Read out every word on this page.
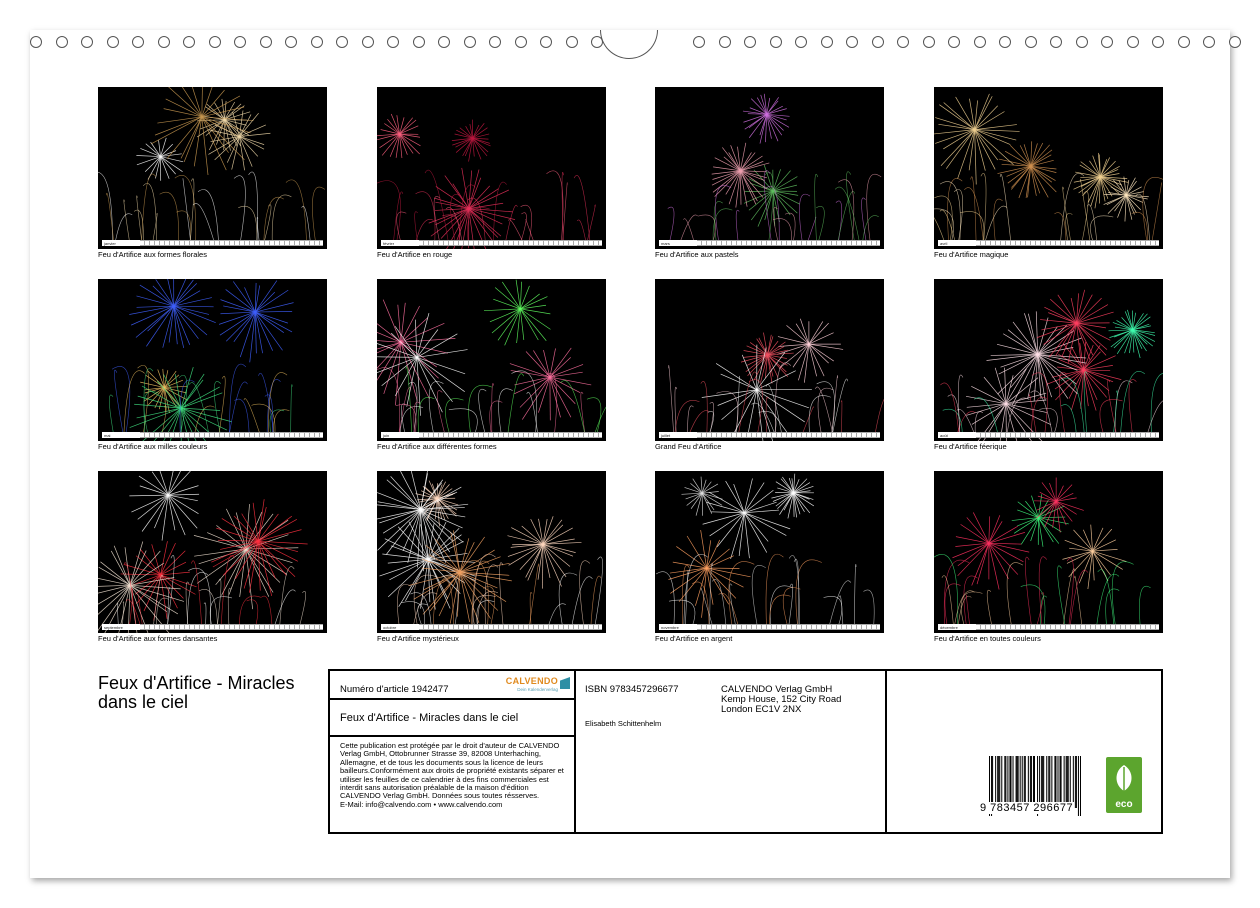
janvier
Feu d'Artifice aux formes florales
février
Feu d'Artifice en rouge
mars
Feu d'Artifice aux pastels
avril
Feu d'Artifice magique
mai
Feu d'Artifice aux milles couleurs
juin
Feu d'Artifice aux différentes formes
juillet
Grand Feu d'Artifice
août
Feu d'Artifice féerique
septembre
Feu d'Artifice aux formes dansantes
octobre
Feu d'Artifice mystérieux
novembre
Feu d'Artifice en argent
décembre
Feu d'Artifice en toutes couleurs
Feux d'Artifice - Miracles dans le ciel
Numéro d'article 1942477
CALVENDO
Dein Kalenderverlag
Feux d'Artifice - Miracles dans le ciel
Cette publication est protégée par le droit d'auteur de CALVENDO Verlag GmbH, Ottobrunner Strasse 39, 82008 Unterhaching, Allemagne, et de tous les documents sous la licence de leurs bailleurs.Conformément aux droits de propriété existants séparer et utiliser les feuilles de ce calendrier à des fins commerciales est interdit sans autorisation préalable de la maison d'édition CALVENDO Verlag GmbH. Données sous toutes résserves.
E-Mail: info@calvendo.com • www.calvendo.com
ISBN 9783457296677	CALVENDO Verlag GmbH
Kemp House, 152 City Road
London EC1V 2NX
Elisabeth Schittenhelm
9 783457 296677	eco
